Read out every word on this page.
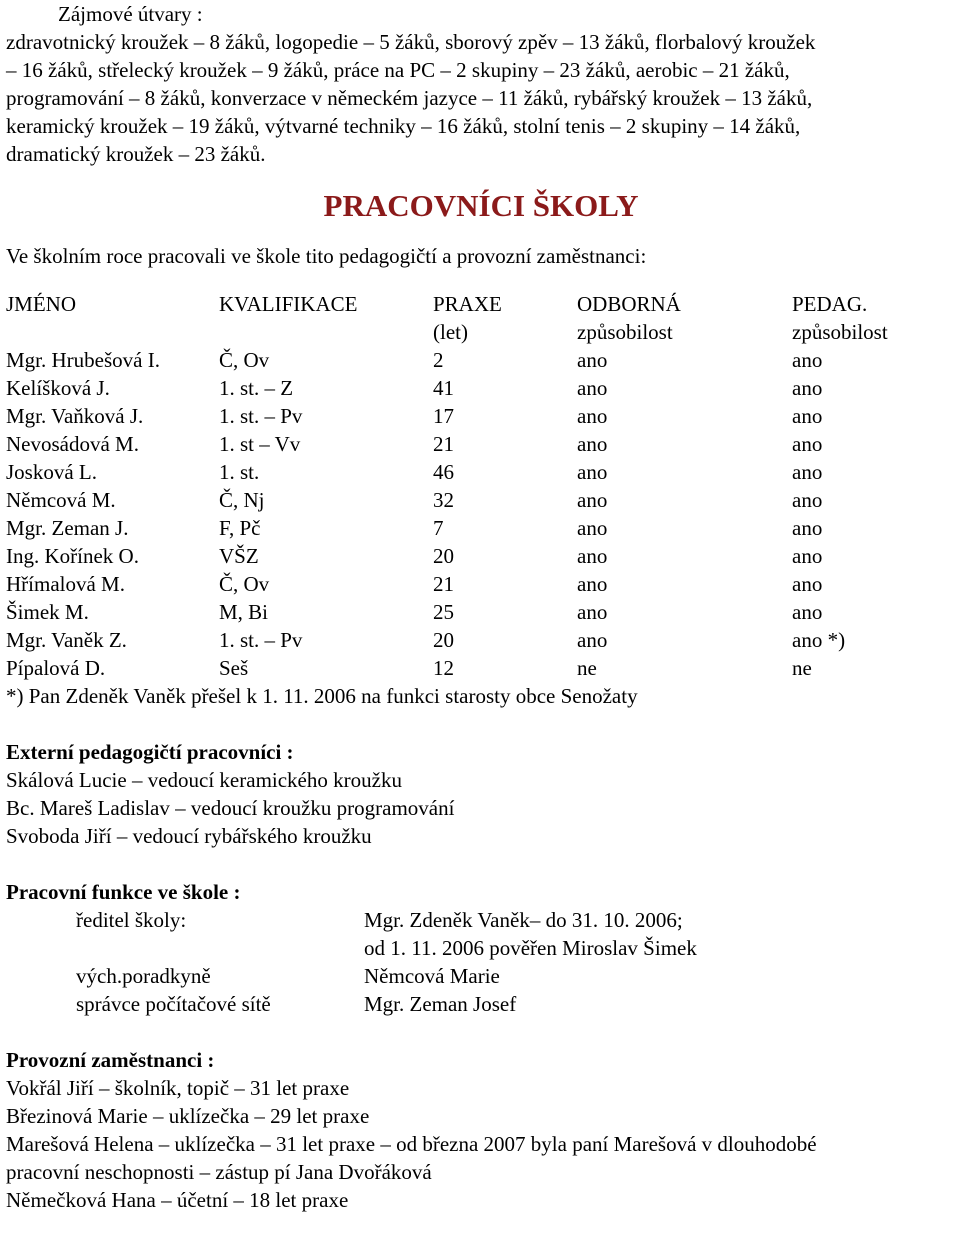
Zájmové útvary :
zdravotnický kroužek – 8 žáků, logopedie – 5 žáků, sborový zpěv – 13 žáků, florbalový kroužek
– 16 žáků, střelecký kroužek – 9 žáků, práce na PC – 2 skupiny – 23 žáků, aerobic – 21 žáků,
programování – 8 žáků, konverzace v německém jazyce – 11 žáků, rybářský kroužek – 13 žáků,
keramický kroužek – 19 žáků, výtvarné techniky – 16 žáků, stolní tenis – 2 skupiny – 14 žáků,
dramatický kroužek – 23 žáků.
PRACOVNÍCI ŠKOLY
Ve školním roce pracovali ve škole tito pedagogičtí a provozní zaměstnanci:
JMÉNO	KVALIFIKACE	PRAXE	ODBORNÁ	PEDAG.
		(let)	způsobilost	způsobilost
Mgr. Hrubešová I.	Č, Ov	2	ano	ano
Kelíšková J.	1. st. – Z	41	ano	ano
Mgr. Vaňková J.	1. st. – Pv	17	ano	ano
Nevosádová M.	1. st – Vv	21	ano	ano
Josková L.	1. st.	46	ano	ano
Němcová M.	Č, Nj	32	ano	ano
Mgr. Zeman J.	F, Pč	7	ano	ano
Ing. Kořínek O.	VŠZ	20	ano	ano
Hřímalová M.	Č, Ov	21	ano	ano
Šimek M.	M, Bi	25	ano	ano
Mgr. Vaněk Z.	1. st. – Pv	20	ano	ano *)
Pípalová D.	Seš	12	ne	ne
*) Pan Zdeněk Vaněk přešel k 1. 11. 2006 na funkci starosty obce Senožaty
Externí pedagogičtí pracovníci :
Skálová Lucie – vedoucí keramického kroužku
Bc. Mareš Ladislav – vedoucí kroužku programování
Svoboda Jiří – vedoucí rybářského kroužku
Pracovní funkce ve škole :
ředitel školy:	Mgr. Zdeněk Vaněk– do 31. 10. 2006;
od 1. 11. 2006 pověřen Miroslav Šimek
vých.poradkyně	Němcová Marie
správce počítačové sítě	Mgr. Zeman Josef
Provozní zaměstnanci :
Vokřál Jiří – školník, topič – 31 let praxe
Březinová Marie – uklízečka – 29 let praxe
Marešová Helena – uklízečka – 31 let praxe – od března 2007 byla paní Marešová v dlouhodobé
pracovní neschopnosti – zástup pí Jana Dvořáková
Němečková Hana – účetní – 18 let praxe
